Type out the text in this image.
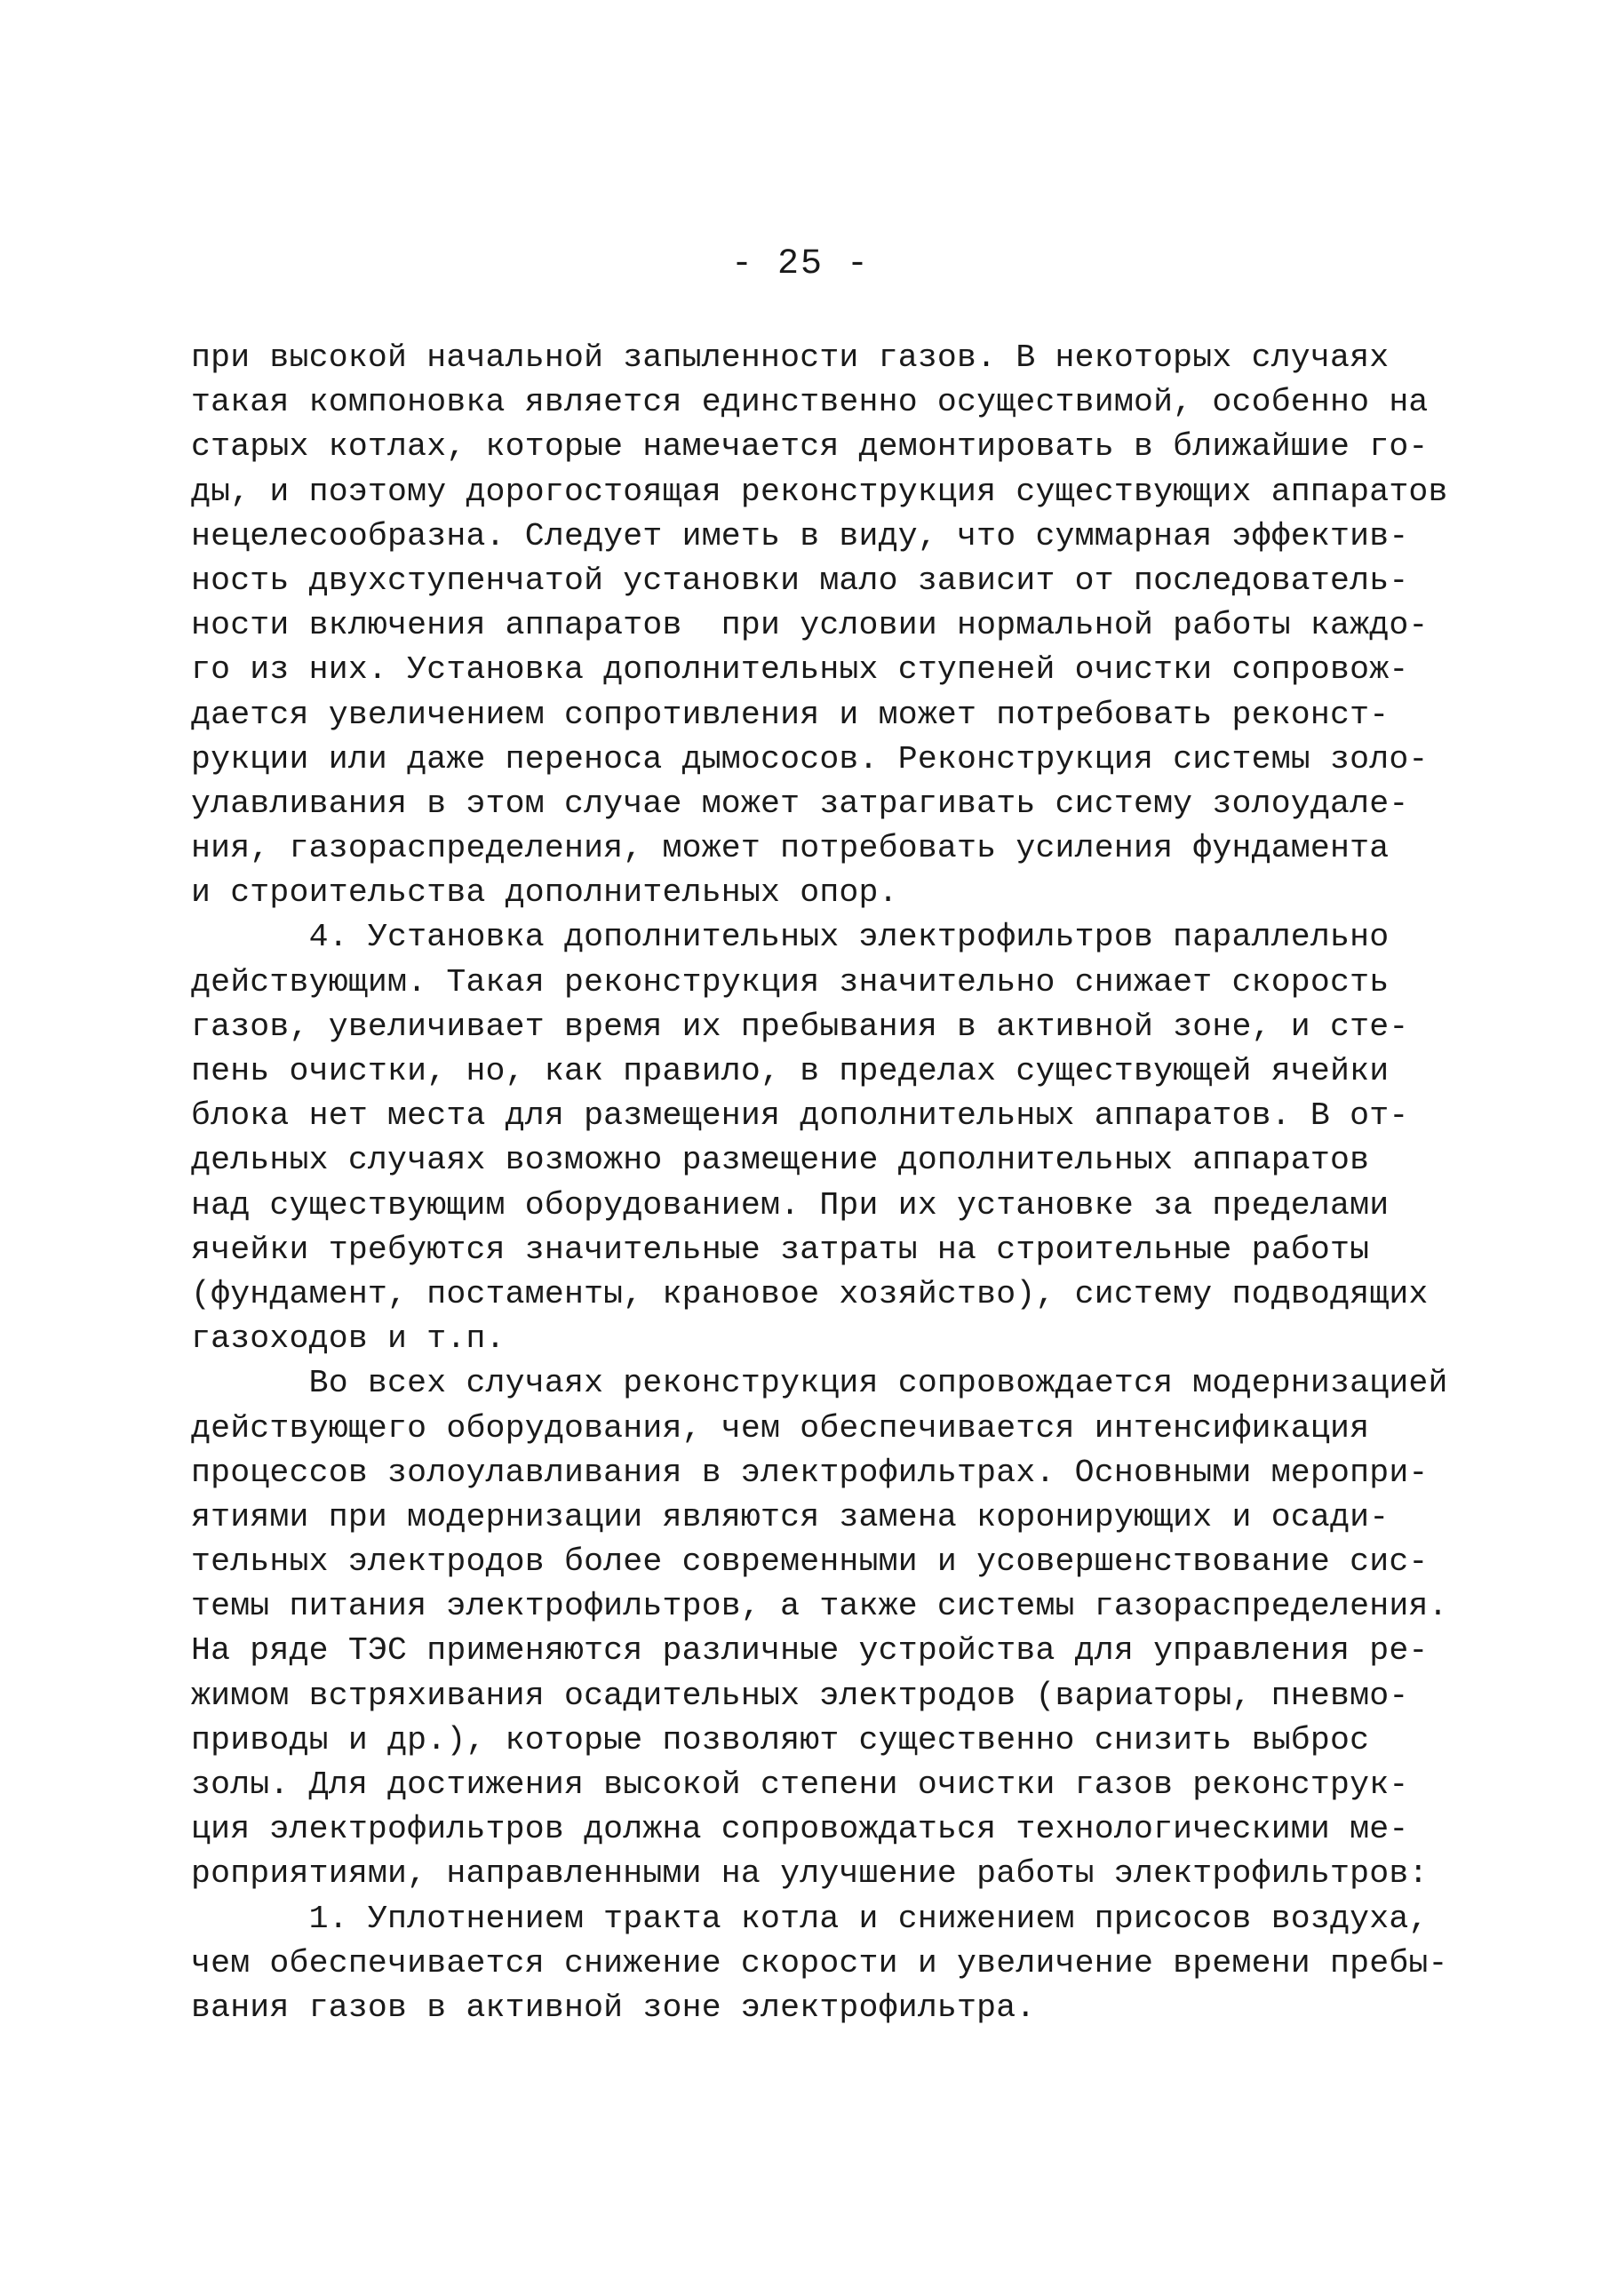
- 25 -
при высокой начальной запыленности газов. В некоторых случаях
такая компоновка является единственно осуществимой, особенно на
старых котлах, которые намечается демонтировать в ближайшие го-
ды, и поэтому дорогостоящая реконструкция существующих аппаратов
нецелесообразна. Следует иметь в виду, что суммарная эффектив-
ность двухступенчатой установки мало зависит от последователь-
ности включения аппаратов  при условии нормальной работы каждо-
го из них. Установка дополнительных ступеней очистки сопровож-
дается увеличением сопротивления и может потребовать реконст-
рукции или даже переноса дымососов. Реконструкция системы золо-
улавливания в этом случае может затрагивать систему золоудале-
ния, газораспределения, может потребовать усиления фундамента
и строительства дополнительных опор.
4. Установка дополнительных электрофильтров параллельно
действующим. Такая реконструкция значительно снижает скорость
газов, увеличивает время их пребывания в активной зоне, и сте-
пень очистки, но, как правило, в пределах существующей ячейки
блока нет места для размещения дополнительных аппаратов. В от-
дельных случаях возможно размещение дополнительных аппаратов
над существующим оборудованием. При их установке за пределами
ячейки требуются значительные затраты на строительные работы
(фундамент, постаменты, крановое хозяйство), систему подводящих
газоходов и т.п.
Во всех случаях реконструкция сопровождается модернизацией
действующего оборудования, чем обеспечивается интенсификация
процессов золоулавливания в электрофильтрах. Основными меропри-
ятиями при модернизации являются замена коронирующих и осади-
тельных электродов более современными и усовершенствование сис-
темы питания электрофильтров, а также системы газораспределения.
На ряде ТЭС применяются различные устройства для управления ре-
жимом встряхивания осадительных электродов (вариаторы, пневмо-
приводы и др.), которые позволяют существенно снизить выброс
золы. Для достижения высокой степени очистки газов реконструк-
ция электрофильтров должна сопровождаться технологическими ме-
роприятиями, направленными на улучшение работы электрофильтров:
1. Уплотнением тракта котла и снижением присосов воздуха,
чем обеспечивается снижение скорости и увеличение времени пребы-
вания газов в активной зоне электрофильтра.
